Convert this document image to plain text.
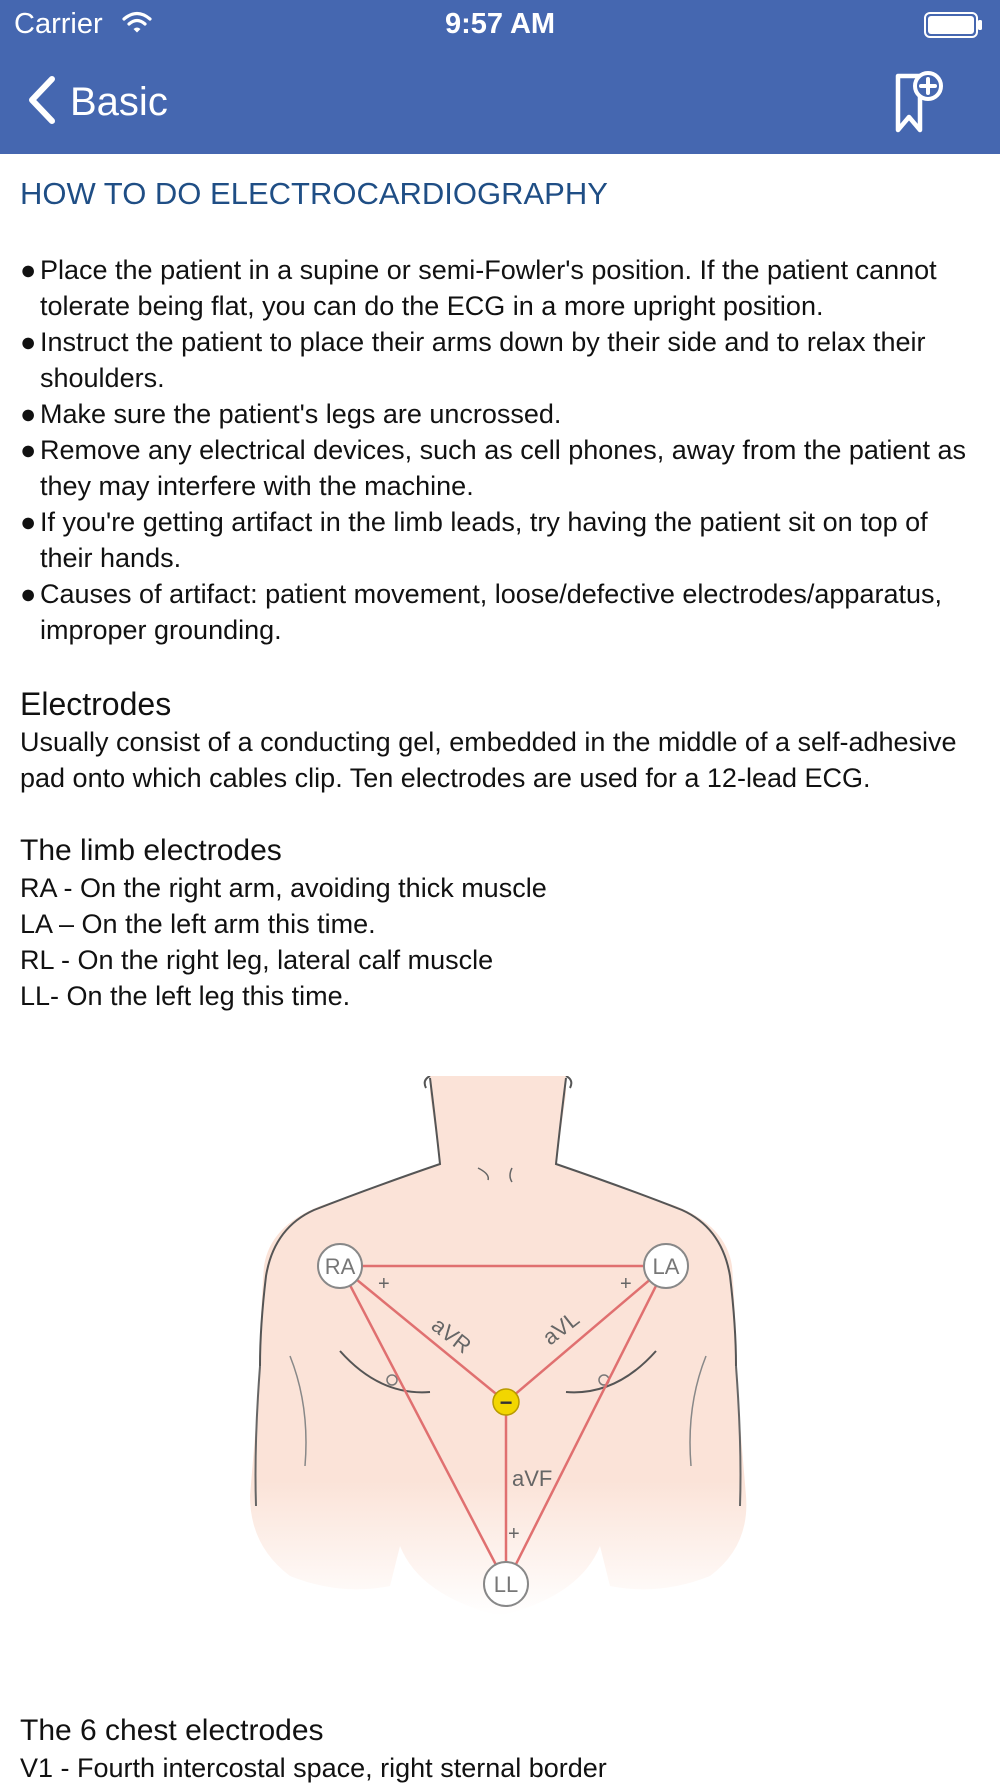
Carrier	9:57 AM
Basic
HOW TO DO ELECTROCARDIOGRAPHY
● Place the patient in a supine or semi-Fowler's position. If the patient cannot tolerate being flat, you can do the ECG in a more upright position.
● Instruct the patient to place their arms down by their side and to relax their shoulders.
● Make sure the patient's legs are uncrossed.
● Remove any electrical devices, such as cell phones, away from the patient as they may interfere with the machine.
● If you're getting artifact in the limb leads, try having the patient sit on top of their hands.
● Causes of artifact: patient movement, loose/defective electrodes/apparatus, improper grounding.
Electrodes

Usually consist of a conducting gel, embedded in the middle of a self-adhesive pad onto which cables clip. Ten electrodes are used for a 12-lead ECG.

The limb electrodes
RA - On the right arm, avoiding thick muscle
LA – On the left arm this time.
RL - On the right leg, lateral calf muscle
LL- On the left leg this time.
aVR	aVL
aVF
+	+
+
RA	LA
LL
−
The 6 chest electrodes
V1 - Fourth intercostal space, right sternal border
